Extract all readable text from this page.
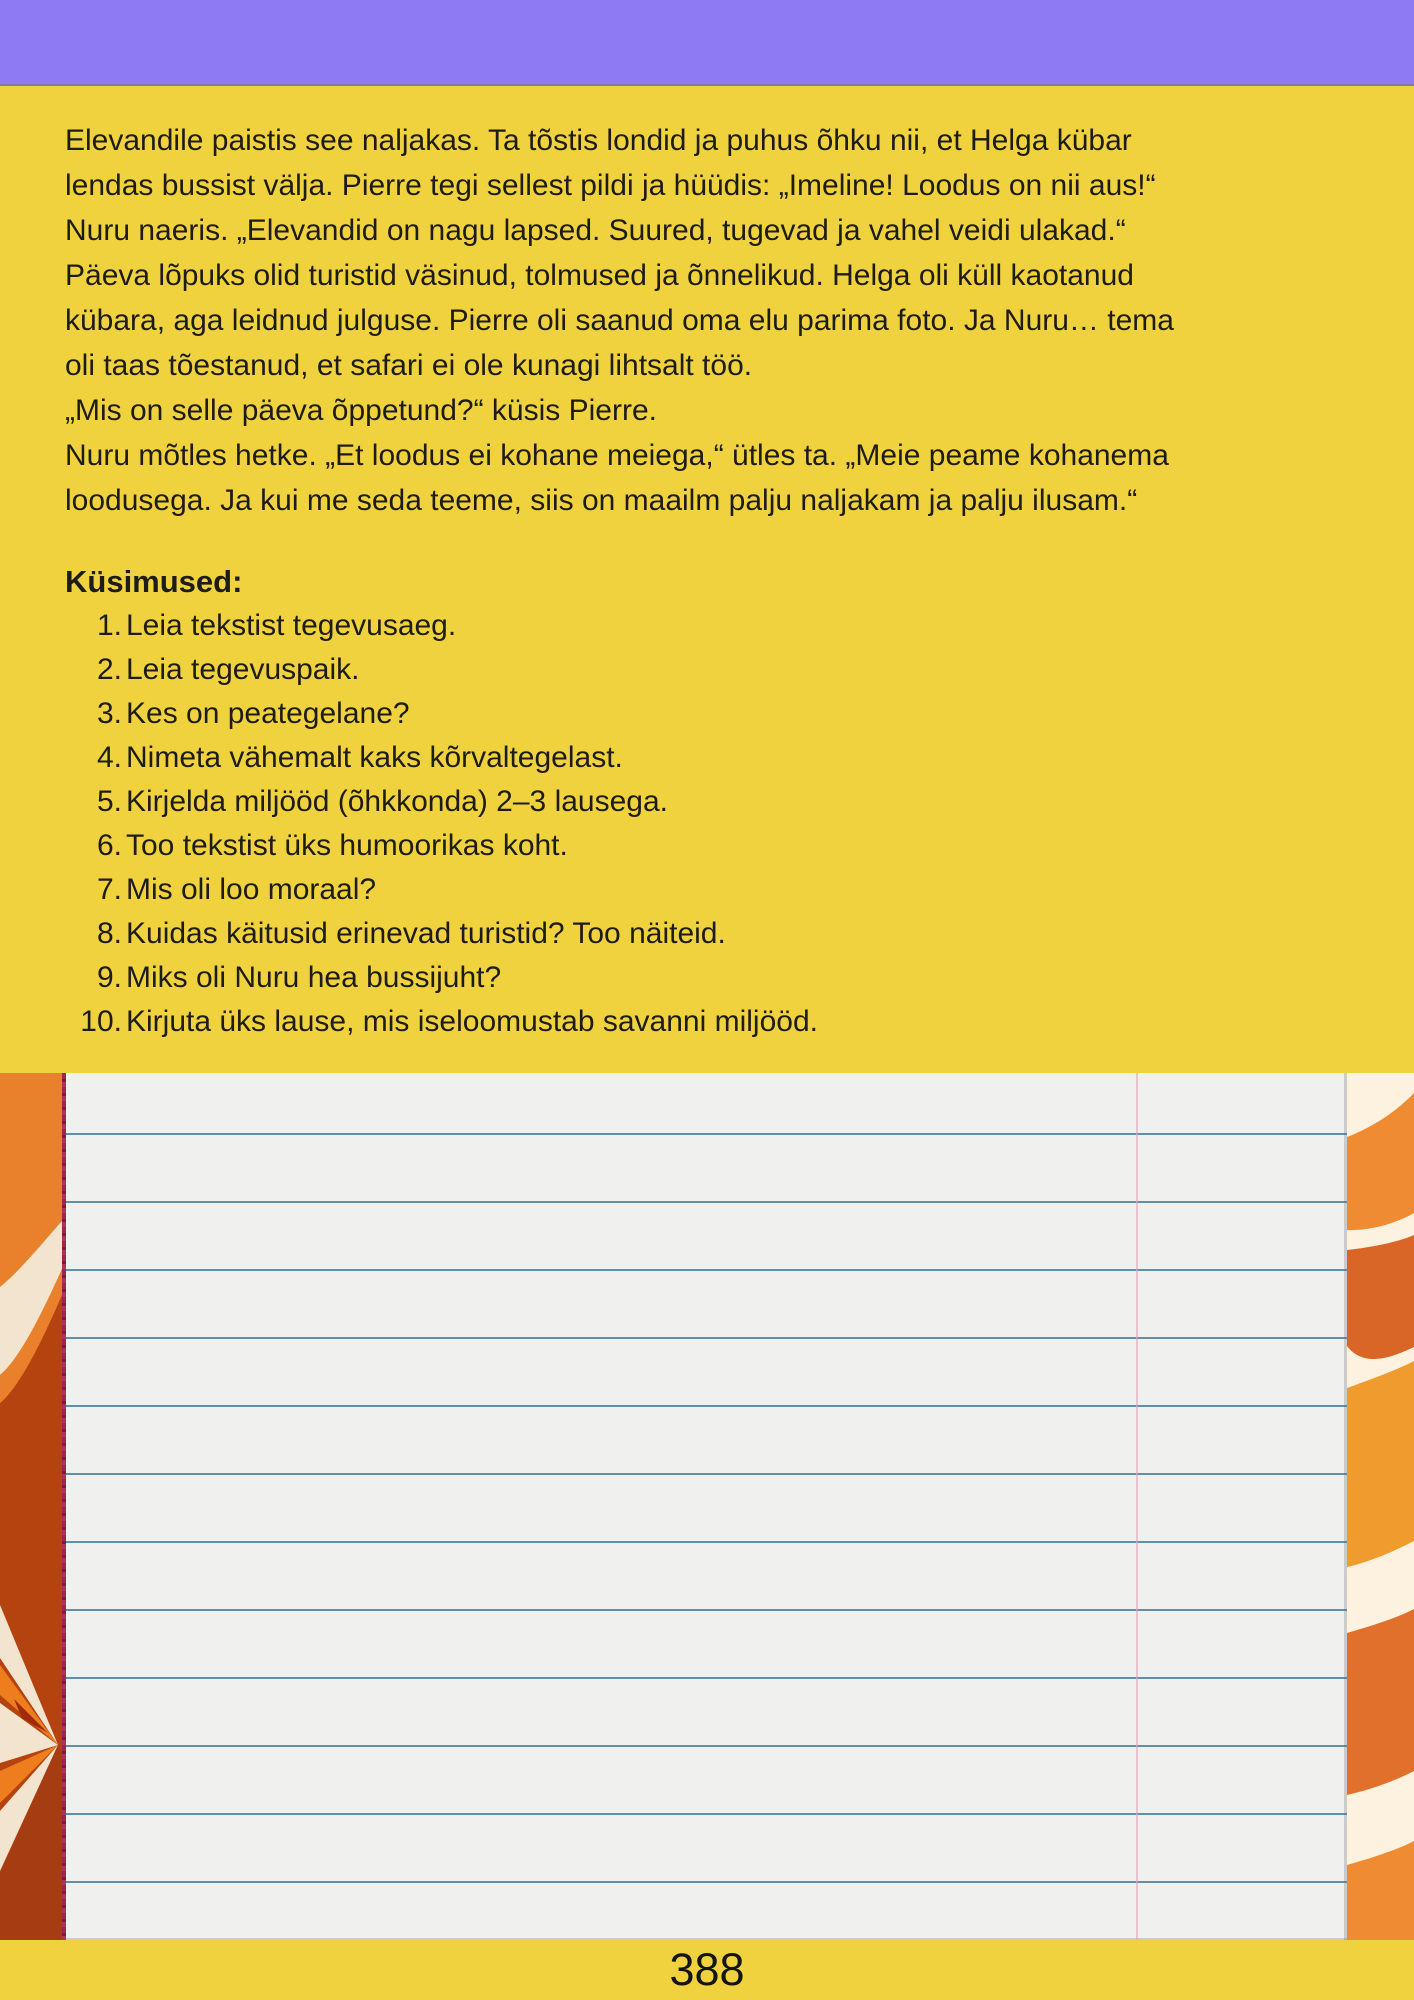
Elevandile paistis see naljakas. Ta tõstis londid ja puhus õhku nii, et Helga kübar
lendas bussist välja. Pierre tegi sellest pildi ja hüüdis: „Imeline! Loodus on nii aus!“
Nuru naeris. „Elevandid on nagu lapsed. Suured, tugevad ja vahel veidi ulakad.“
Päeva lõpuks olid turistid väsinud, tolmused ja õnnelikud. Helga oli küll kaotanud
kübara, aga leidnud julguse. Pierre oli saanud oma elu parima foto. Ja Nuru… tema
oli taas tõestanud, et safari ei ole kunagi lihtsalt töö.
„Mis on selle päeva õppetund?“ küsis Pierre.
Nuru mõtles hetke. „Et loodus ei kohane meiega,“ ütles ta. „Meie peame kohanema
loodusega. Ja kui me seda teeme, siis on maailm palju naljakam ja palju ilusam.“
Küsimused:
1. Leia tekstist tegevusaeg.
2. Leia tegevuspaik.
3. Kes on peategelane?
4. Nimeta vähemalt kaks kõrvaltegelast.
5. Kirjelda miljööd (õhkkonda) 2–3 lausega.
6. Too tekstist üks humoorikas koht.
7. Mis oli loo moraal?
8. Kuidas käitusid erinevad turistid? Too näiteid.
9. Miks oli Nuru hea bussijuht?
10. Kirjuta üks lause, mis iseloomustab savanni miljööd.
388
